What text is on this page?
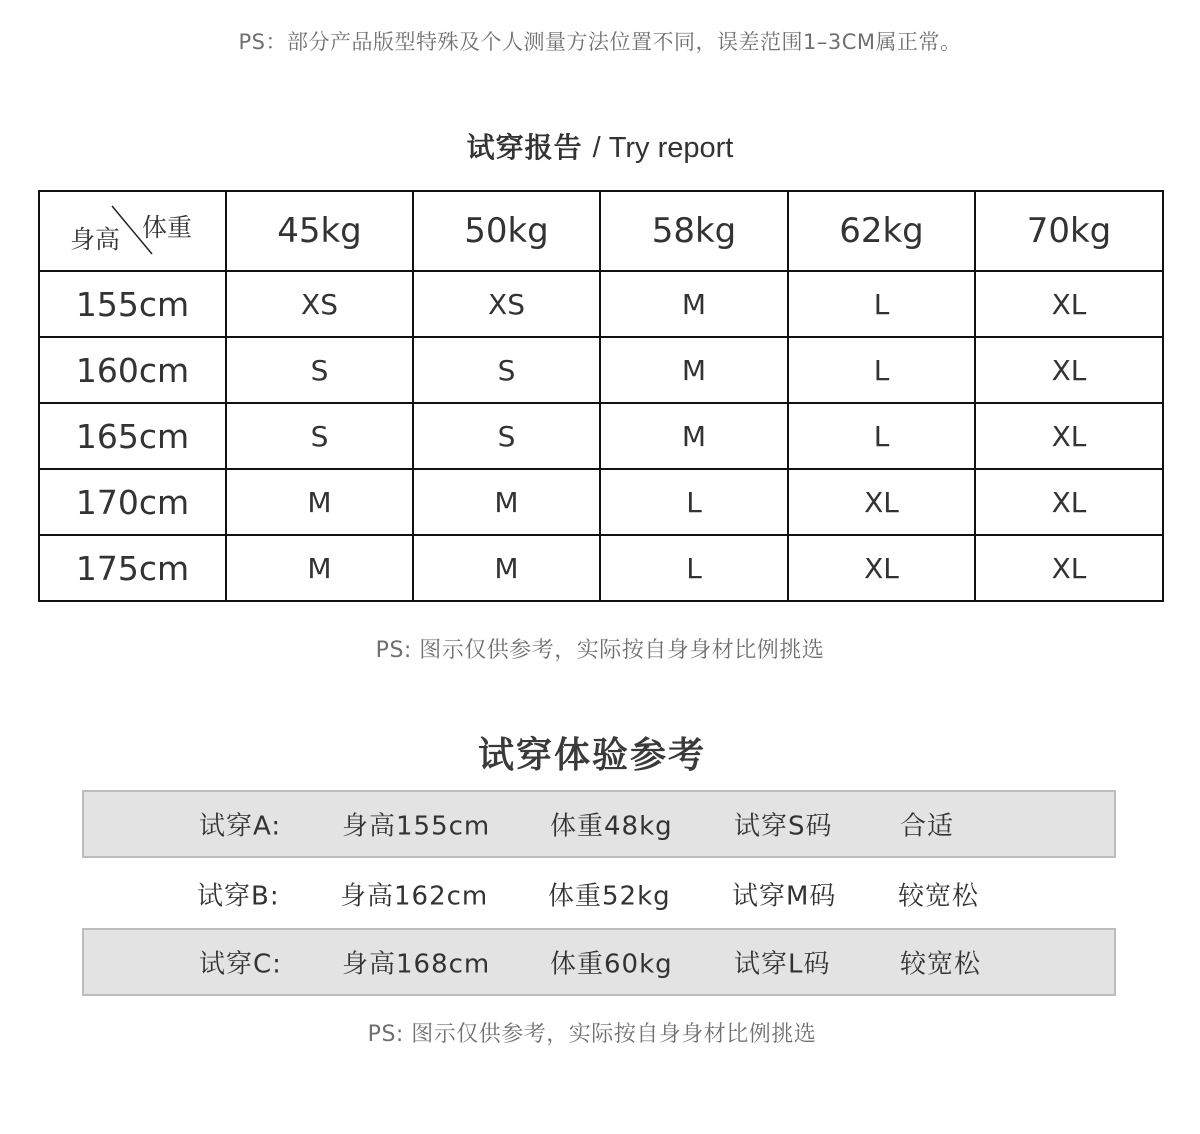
PS：部分产品版型特殊及个人测量方法位置不同，误差范围1–3CM属正常。
试穿报告 / Try report
身高 体重	45kg	50kg	58kg	62kg	70kg
155cm	XS	XS	M	L	XL
160cm	S	S	M	L	XL
165cm	S	S	M	L	XL
170cm	M	M	L	XL	XL
175cm	M	M	L	XL	XL
PS: 图示仅供参考，实际按自身身材比例挑选
试穿体验参考
试穿A: 身高155cm 体重48kg 试穿S码	合适
试穿B: 身高162cm 体重52kg 试穿M码 较宽松
试穿C: 身高168cm 体重60kg 试穿L码	较宽松
PS: 图示仅供参考，实际按自身身材比例挑选
